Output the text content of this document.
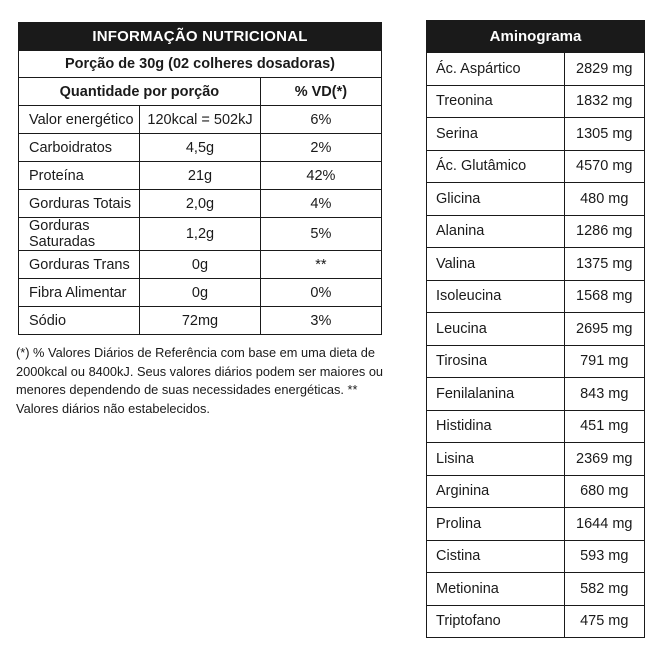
INFORMAÇÃO NUTRICIONAL
Porção de 30g (02 colheres dosadoras)
Quantidade por porção		% VD(*)
Valor energético	120kcal = 502kJ	6%
Carboidratos	4,5g	2%
Proteína	21g	42%
Gorduras Totais	2,0g	4%
Gorduras Saturadas	1,2g	5%
Gorduras Trans	0g	**
Fibra Alimentar	0g	0%
Sódio	72mg	3%
(*) % Valores Diários de Referência com base em uma dieta de 2000kcal ou 8400kJ. Seus valores diários podem ser maiores ou menores dependendo de suas necessidades energéticas. ** Valores diários não estabelecidos.
Aminograma
Ác. Aspártico	2829 mg
Treonina	1832 mg
Serina	1305 mg
Ác. Glutâmico	4570 mg
Glicina	480 mg
Alanina	1286 mg
Valina	1375 mg
Isoleucina	1568 mg
Leucina	2695 mg
Tirosina	791 mg
Fenilalanina	843 mg
Histidina	451 mg
Lisina	2369 mg
Arginina	680 mg
Prolina	1644 mg
Cistina	593 mg
Metionina	582 mg
Triptofano	475 mg
